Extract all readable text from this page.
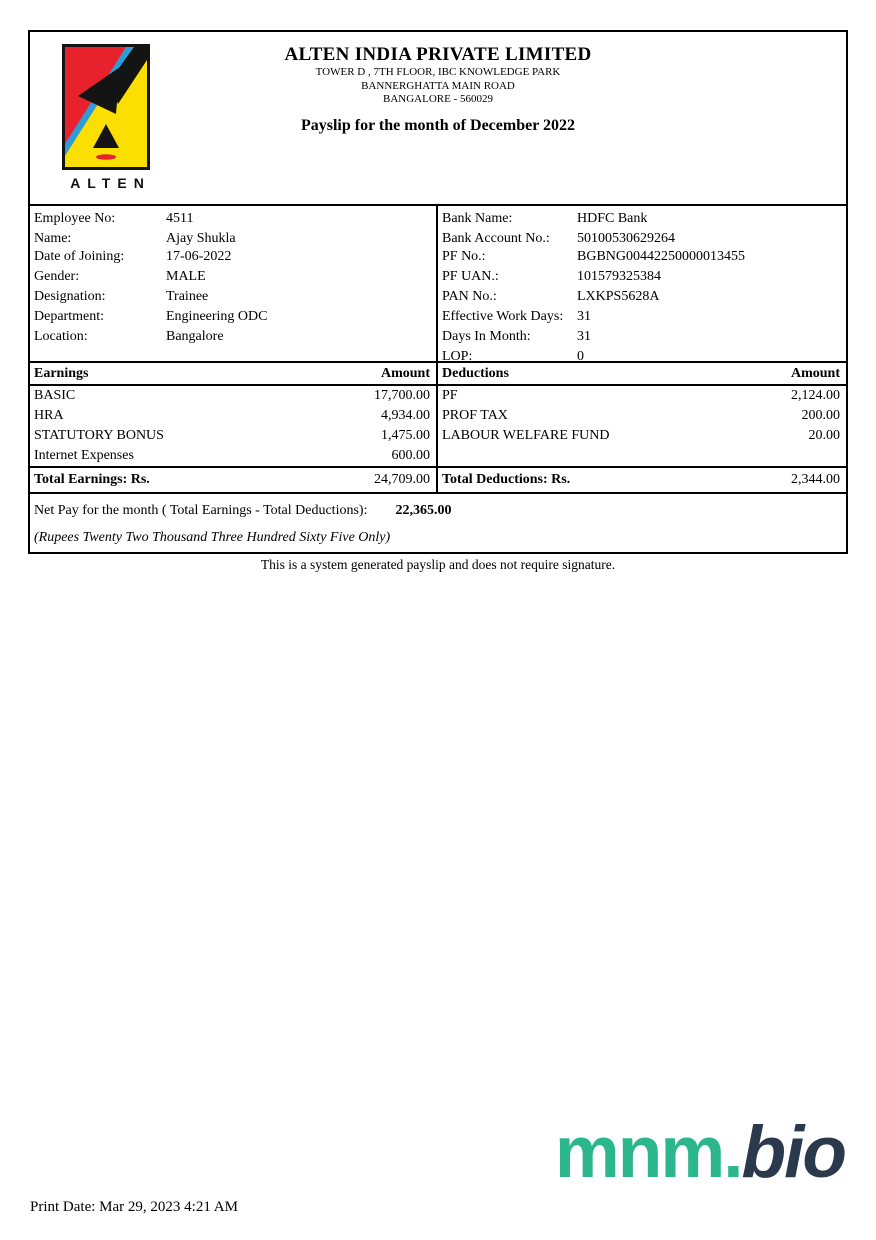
ALTEN
ALTEN INDIA PRIVATE LIMITED
TOWER D , 7TH FLOOR, IBC KNOWLEDGE PARK
BANNERGHATTA MAIN ROAD
BANGALORE - 560029
Payslip for the month of December 2022
Employee No:	4511
Name:	Ajay Shukla
Date of Joining:	17-06-2022
Gender:	MALE
Designation:	Trainee
Department:	Engineering ODC
Location:	Bangalore
Bank Name:	HDFC Bank
Bank Account No.:	50100530629264
PF No.:	BGBNG00442250000013455
PF UAN.:	101579325384
PAN No.:	LXKPS5628A
Effective Work Days: 31
Days In Month:	31
LOP:	0
Earnings	Amount Deductions	Amount
BASIC	17,700.00
HRA	4,934.00
STATUTORY BONUS	1,475.00
Internet Expenses	600.00
PF	2,124.00
PROF TAX	200.00
LABOUR WELFARE FUND	20.00
Total Earnings: Rs.	24,709.00 Total Deductions: Rs.	2,344.00
Net Pay for the month ( Total Earnings - Total Deductions): 22,365.00
(Rupees Twenty Two Thousand Three Hundred Sixty Five Only)
This is a system generated payslip and does not require signature.
mnm.bio
Print Date: Mar 29, 2023 4:21 AM
